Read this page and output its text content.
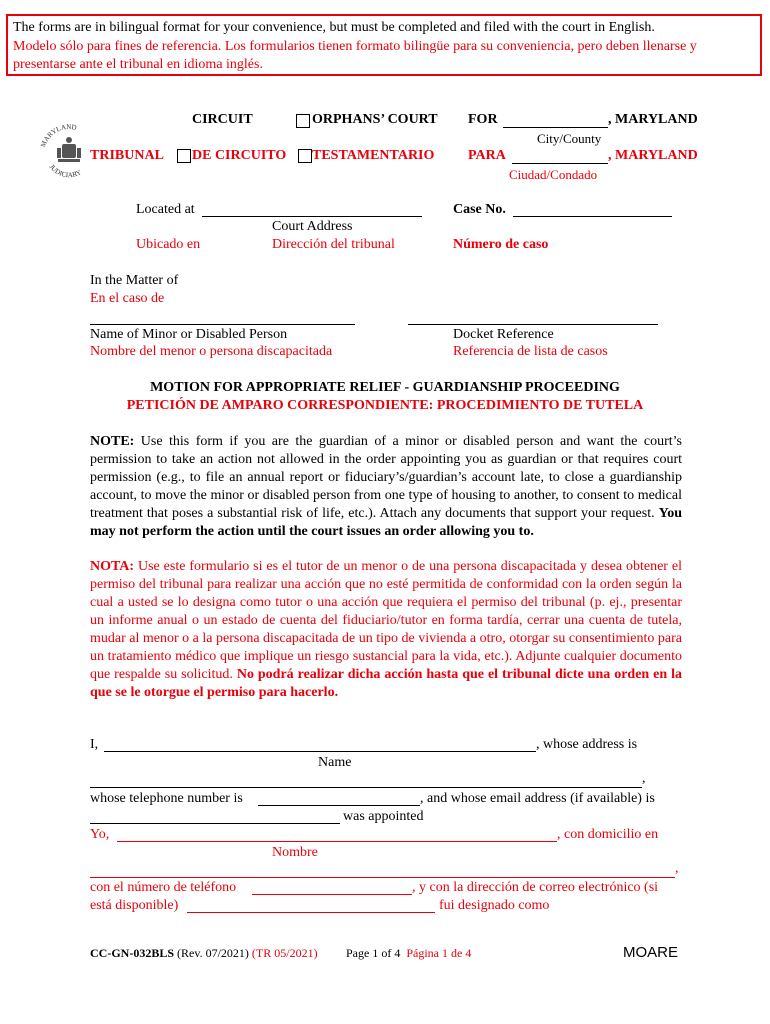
The forms are in bilingual format for your convenience, but must be completed and filed with the court in English.
Modelo sólo para fines de referencia. Los formularios tienen formato bilingüe para su conveniencia, pero deben llenarse y
presentarse ante el tribunal en idioma inglés.
MARYLAND
JUDICIARY
CIRCUIT	ORPHANS’ COURT FOR	, MARYLAND
City/County
TRIBUNAL DE CIRCUITO TESTAMENTARIO PARA	, MARYLAND
Ciudad/Condado
Located at
Court Address
Ubicado en	Dirección del tribunal
Case No.
Número de caso
In the Matter of
En el caso de
Name of Minor or Disabled Person
Nombre del menor o persona discapacitada
Docket Reference
Referencia de lista de casos
MOTION FOR APPROPRIATE RELIEF - GUARDIANSHIP PROCEEDING
PETICIÓN DE AMPARO CORRESPONDIENTE: PROCEDIMIENTO DE TUTELA
NOTE: Use this form if you are the guardian of a minor or disabled person and want the court’s permission to take an action not allowed in the order appointing you as guardian or that requires court permission (e.g., to file an annual report or fiduciary’s/guardian’s account late, to close a guardianship account, to move the minor or disabled person from one type of housing to another, to consent to medical treatment that poses a substantial risk of life, etc.). Attach any documents that support your request. You may not perform the action until the court issues an order allowing you to.
NOTA: Use este formulario si es el tutor de un menor o de una persona discapacitada y desea obtener el permiso del tribunal para realizar una acción que no esté permitida de conformidad con la orden según la cual a usted se lo designa como tutor o una acción que requiera el permiso del tribunal (p. ej., presentar un informe anual o un estado de cuenta del fiduciario/tutor en forma tardía, cerrar una cuenta de tutela, mudar al menor o a la persona discapacitada de un tipo de vivienda a otro, otorgar su consentimiento para un tratamiento médico que implique un riesgo sustancial para la vida, etc.). Adjunte cualquier documento que respalde su solicitud. No podrá realizar dicha acción hasta que el tribunal dicte una orden en la que se le otorgue el permiso para hacerlo.
I,	, whose address is
Name
,
whose telephone number is	, and whose email address (if available) is
was appointed
Yo,	, con domicilio en
Nombre
,
con el número de teléfono	, y con la dirección de correo electrónico (si
está disponible)	fui designado como
CC-GN-032BLS (Rev. 07/2021) (TR 05/2021) Page 1 of 4 Página 1 de 4	MOARE
